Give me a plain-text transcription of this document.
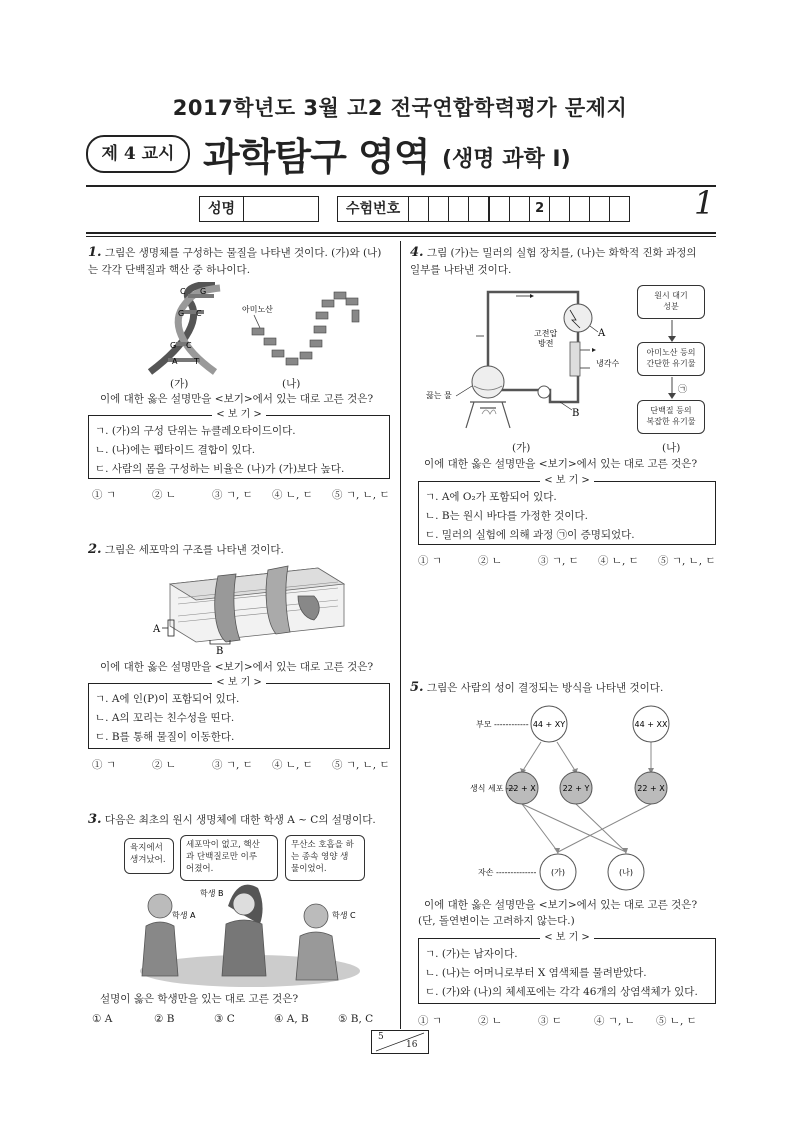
2017학년도 3월 고2 전국연합학력평가 문제지
제 4 교시 과학탐구 영역 (생명 과학 Ⅰ)
성명	수험번호	2	1
1. 그림은 생명체를 구성하는 물질을 나타낸 것이다. (가)와 (나)
는 각각 단백질과 핵산 중 하나이다.
C G
G C
G C
A T
아미노산
(가)	(나)
이에 대한 옳은 설명만을 <보기>에서 있는 대로 고른 것은?
< 보 기 >
ㄱ. (가)의 구성 단위는 뉴클레오타이드이다.
ㄴ. (나)에는 펩타이드 결합이 있다.
ㄷ. 사람의 몸을 구성하는 비율은 (나)가 (가)보다 높다.
① ㄱ	② ㄴ	③ ㄱ, ㄷ	④ ㄴ, ㄷ	⑤ ㄱ, ㄴ, ㄷ
2. 그림은 세포막의 구조를 나타낸 것이다.
A
B
이에 대한 옳은 설명만을 <보기>에서 있는 대로 고른 것은?
< 보 기 >
ㄱ. A에 인(P)이 포함되어 있다.
ㄴ. A의 꼬리는 친수성을 띤다.
ㄷ. B를 통해 물질이 이동한다.
① ㄱ	② ㄴ	③ ㄱ, ㄷ	④ ㄴ, ㄷ	⑤ ㄱ, ㄴ, ㄷ
3. 다음은 최초의 원시 생명체에 대한 학생 A ~ C의 설명이다.
육지에서
생겨났어.
세포막이 없고, 핵산
과 단백질로만 이루
어졌어.
무산소 호흡을 하
는 종속 영양 생
물이었어.
학생 A
학생 B
학생 C
설명이 옳은 학생만을 있는 대로 고른 것은?
① A	② B	③ C	④ A, B	⑤ B, C
4. 그림 (가)는 밀러의 실험 장치를, (나)는 화학적 진화 과정의
일부를 나타낸 것이다.
A
고전압
방전
냉각수
끓는 물
B
원시 대기
성분
아미노산 등의
간단한 유기물
㉠
단백질 등의
복잡한 유기물
(가)	(나)
이에 대한 옳은 설명만을 <보기>에서 있는 대로 고른 것은?
< 보 기 >
ㄱ. A에 O₂가 포함되어 있다.
ㄴ. B는 원시 바다를 가정한 것이다.
ㄷ. 밀러의 실험에 의해 과정 ㉠이 증명되었다.
① ㄱ	② ㄴ	③ ㄱ, ㄷ	④ ㄴ, ㄷ	⑤ ㄱ, ㄴ, ㄷ
5. 그림은 사람의 성이 결정되는 방식을 나타낸 것이다.
44 + XY	44 + XX
22 + X	22 + Y	22 + X
(가)	(나)
부모 ------------
생식 세포 ---
자손 --------------
이에 대한 옳은 설명만을 <보기>에서 있는 대로 고른 것은?
(단, 돌연변이는 고려하지 않는다.)
< 보 기 >
ㄱ. (가)는 남자이다.
ㄴ. (나)는 어머니로부터 X 염색체를 물려받았다.
ㄷ. (가)와 (나)의 체세포에는 각각 46개의 상염색체가 있다.
① ㄱ	② ㄴ	③ ㄷ	④ ㄱ, ㄴ	⑤ ㄴ, ㄷ
5
16
